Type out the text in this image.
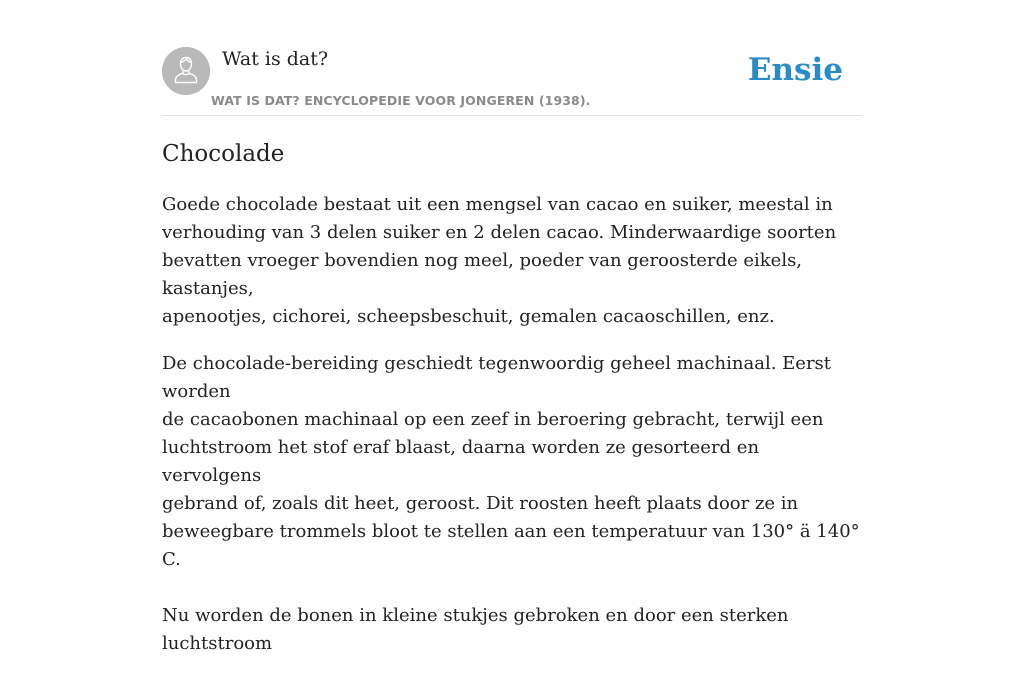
Wat is dat?
WAT IS DAT? ENCYCLOPEDIE VOOR JONGEREN (1938).
Ensie
Chocolade

Goede chocolade bestaat uit een mengsel van cacao en suiker, meestal in
verhouding van 3 delen suiker en 2 delen cacao. Minderwaardige soorten
bevatten vroeger bovendien nog meel, poeder van geroosterde eikels, kastanjes,
apenootjes, cichorei, scheepsbeschuit, gemalen cacaoschillen, enz.

De chocolade-bereiding geschiedt tegenwoordig geheel machinaal. Eerst worden
de cacaobonen machinaal op een zeef in beroering gebracht, terwijl een
luchtstroom het stof eraf blaast, daarna worden ze gesorteerd en vervolgens
gebrand of, zoals dit heet, geroost. Dit roosten heeft plaats door ze in
beweegbare trommels bloot te stellen aan een temperatuur van 130° ä 140° C.

Nu worden de bonen in kleine stukjes gebroken en door een sterken luchtstroom
